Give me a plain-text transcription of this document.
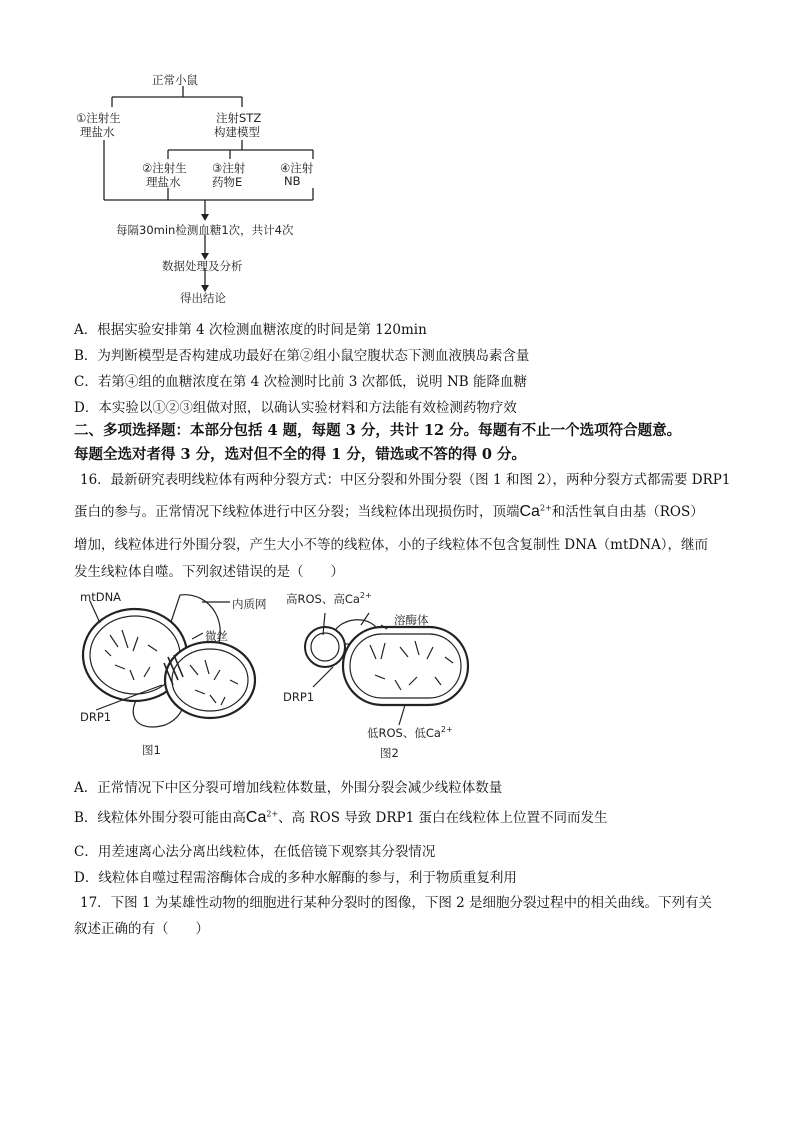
正常小鼠
①注射生
理盐水
注射STZ
构建模型
②注射生
理盐水
③注射
药物E
④注射
NB
每隔30min检测血糖1次，共计4次
数据处理及分析
得出结论
A．根据实验安排第 4 次检测血糖浓度的时间是第 120min
B．为判断模型是否构建成功最好在第②组小鼠空腹状态下测血液胰岛素含量
C．若第④组的血糖浓度在第 4 次检测时比前 3 次都低，说明 NB 能降血糖
D．本实验以①②③组做对照，以确认实验材料和方法能有效检测药物疗效
二、多项选择题：本部分包括 4 题，每题 3 分，共计 12 分。每题有不止一个选项符合题意。
每题全选对者得 3 分，选对但不全的得 1 分，错选或不答的得 0 分。
16．最新研究表明线粒体有两种分裂方式：中区分裂和外围分裂（图 1 和图 2），两种分裂方式都需要 DRP1
蛋白的参与。正常情况下线粒体进行中区分裂；当线粒体出现损伤时，顶端$Ca^{2+}$和活性氧自由基（ROS）
增加，线粒体进行外围分裂，产生大小不等的线粒体，小的子线粒体不包含复制性 DNA（mtDNA），继而
发生线粒体自噬。下列叙述错误的是（　　）
mtDNA	内质网
微丝
DRP1
图1
高ROS、高$Ca^{2+}$
溶酶体
DRP1
低ROS、低$Ca^{2+}$
图2
A．正常情况下中区分裂可增加线粒体数量，外围分裂会减少线粒体数量
B．线粒体外围分裂可能由高$Ca^{2+}$、高 ROS 导致 DRP1 蛋白在线粒体上位置不同而发生
C．用差速离心法分离出线粒体，在低倍镜下观察其分裂情况
D．线粒体自噬过程需溶酶体合成的多种水解酶的参与，利于物质重复利用
17．下图 1 为某雄性动物的细胞进行某种分裂时的图像，下图 2 是细胞分裂过程中的相关曲线。下列有关
叙述正确的有（　　）
